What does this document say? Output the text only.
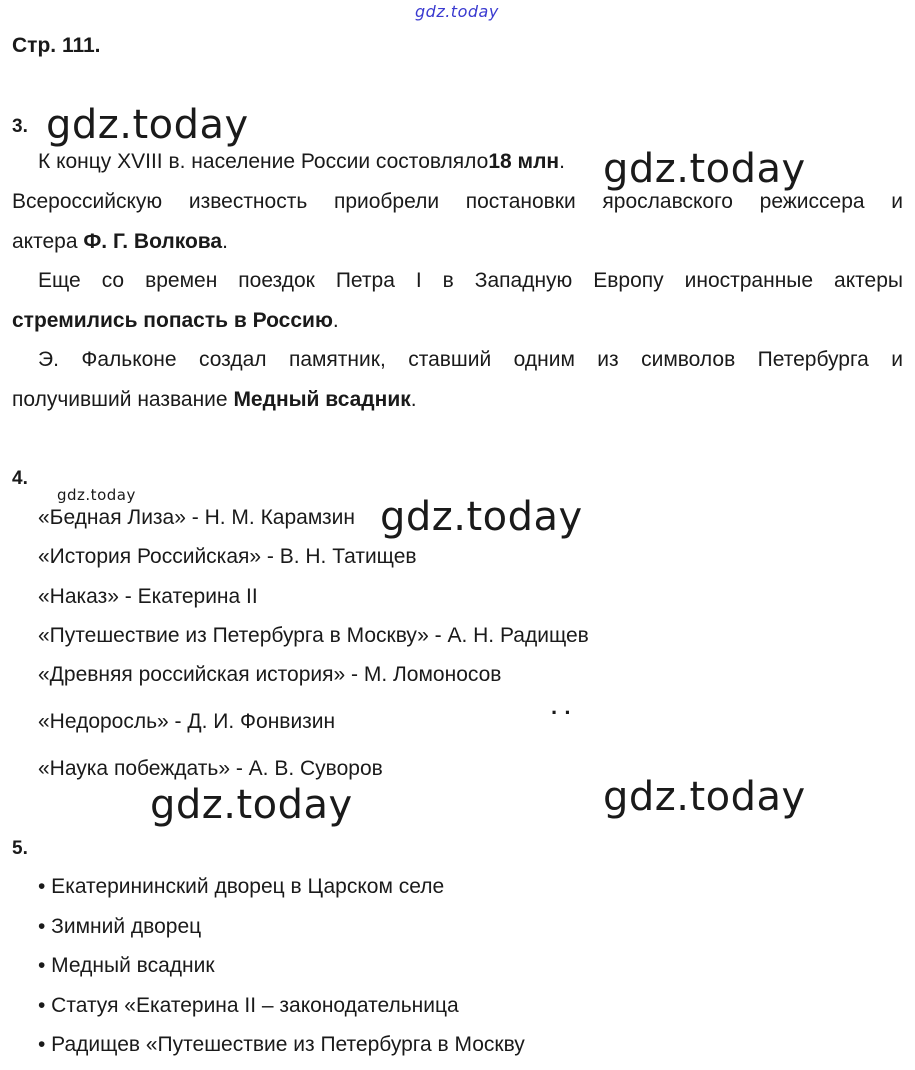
gdz.today
gdz.today
gdz.today
gdz.today	gdz.today
gdz.today	gdz.today
Стр. 111.
3.
К концу XVIII в. население России состовляло18 млн.
Всероссийскую известность приобрели постановки ярославского режиссера и
актера Ф. Г. Волкова.
Еще со времен поездок Петра I в Западную Европу иностранные актеры
стремились попасть в Россию.
Э. Фальконе создал памятник, ставший одним из символов Петербурга и
получивший название Медный всадник.
4.
«Бедная Лиза» - Н. М. Карамзин
«История Российская» - В. Н. Татищев
«Наказ» - Екатерина II
«Путешествие из Петербурга в Москву» - А. Н. Радищев
«Древняя российская история» - М. Ломоносов
«Недоросль» - Д. И. Фонвизин
«Наука побеждать» - А. В. Суворов
··
5.
• Екатерининский дворец в Царском селе
• Зимний дворец
• Медный всадник
• Статуя «Екатерина II – законодательница
• Радищев «Путешествие из Петербурга в Москву
